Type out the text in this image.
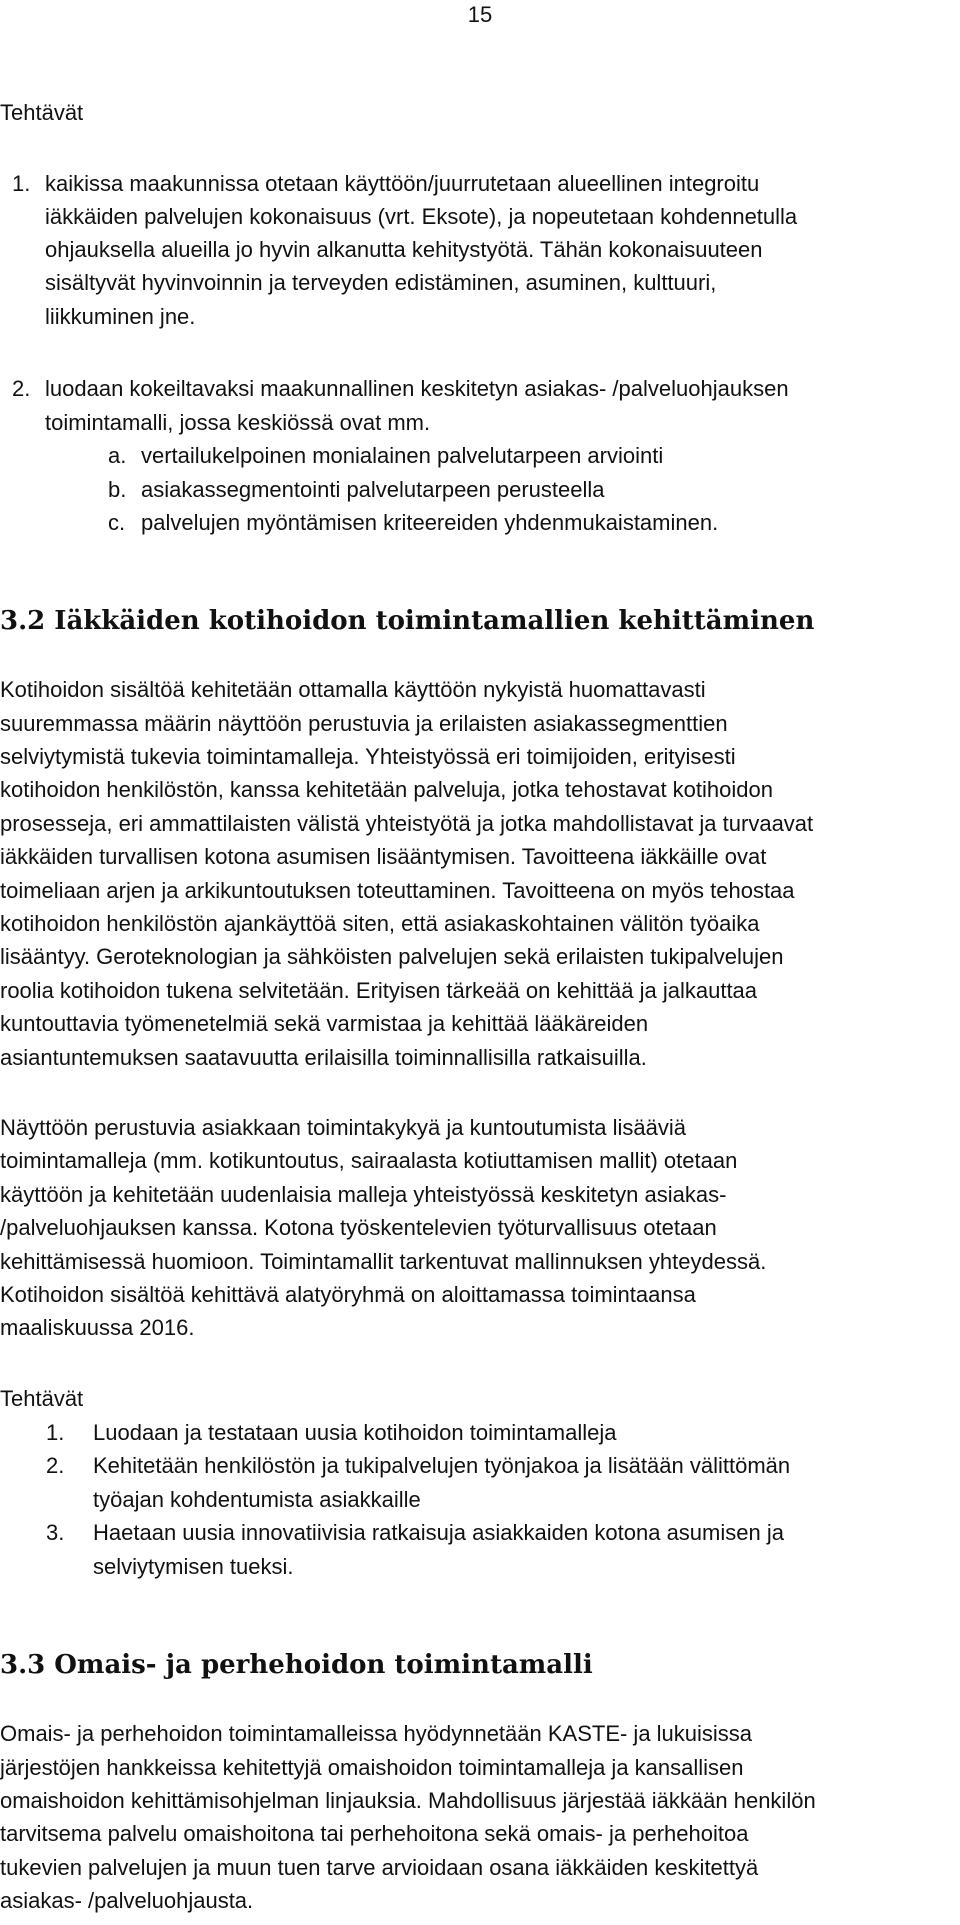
15
Tehtävät
1. kaikissa maakunnissa otetaan käyttöön/juurrutetaan alueellinen integroitu
iäkkäiden palvelujen kokonaisuus (vrt. Eksote), ja nopeutetaan kohdennetulla
ohjauksella alueilla jo hyvin alkanutta kehitystyötä. Tähän kokonaisuuteen
sisältyvät hyvinvoinnin ja terveyden edistäminen, asuminen, kulttuuri,
liikkuminen jne.
2. luodaan kokeiltavaksi maakunnallinen keskitetyn asiakas- /palveluohjauksen
toimintamalli, jossa keskiössä ovat mm.
a. vertailukelpoinen monialainen palvelutarpeen arviointi
b. asiakassegmentointi palvelutarpeen perusteella
c. palvelujen myöntämisen kriteereiden yhdenmukaistaminen.
3.2 Iäkkäiden kotihoidon toimintamallien kehittäminen
Kotihoidon sisältöä kehitetään ottamalla käyttöön nykyistä huomattavasti
suuremmassa määrin näyttöön perustuvia ja erilaisten asiakassegmenttien
selviytymistä tukevia toimintamalleja. Yhteistyössä eri toimijoiden, erityisesti
kotihoidon henkilöstön, kanssa kehitetään palveluja, jotka tehostavat kotihoidon
prosesseja, eri ammattilaisten välistä yhteistyötä ja jotka mahdollistavat ja turvaavat
iäkkäiden turvallisen kotona asumisen lisääntymisen. Tavoitteena iäkkäille ovat
toimeliaan arjen ja arkikuntoutuksen toteuttaminen. Tavoitteena on myös tehostaa
kotihoidon henkilöstön ajankäyttöä siten, että asiakaskohtainen välitön työaika
lisääntyy. Geroteknologian ja sähköisten palvelujen sekä erilaisten tukipalvelujen
roolia kotihoidon tukena selvitetään. Erityisen tärkeää on kehittää ja jalkauttaa
kuntouttavia työmenetelmiä sekä varmistaa ja kehittää lääkäreiden
asiantuntemuksen saatavuutta erilaisilla toiminnallisilla ratkaisuilla.
Näyttöön perustuvia asiakkaan toimintakykyä ja kuntoutumista lisääviä
toimintamalleja (mm. kotikuntoutus, sairaalasta kotiuttamisen mallit) otetaan
käyttöön ja kehitetään uudenlaisia malleja yhteistyössä keskitetyn asiakas-
/palveluohjauksen kanssa. Kotona työskentelevien työturvallisuus otetaan
kehittämisessä huomioon. Toimintamallit tarkentuvat mallinnuksen yhteydessä.
Kotihoidon sisältöä kehittävä alatyöryhmä on aloittamassa toimintaansa
maaliskuussa 2016.
Tehtävät
1. Luodaan ja testataan uusia kotihoidon toimintamalleja
2. Kehitetään henkilöstön ja tukipalvelujen työnjakoa ja lisätään välittömän
työajan kohdentumista asiakkaille
3. Haetaan uusia innovatiivisia ratkaisuja asiakkaiden kotona asumisen ja
selviytymisen tueksi.
3.3 Omais- ja perhehoidon toimintamalli
Omais- ja perhehoidon toimintamalleissa hyödynnetään KASTE- ja lukuisissa
järjestöjen hankkeissa kehitettyjä omaishoidon toimintamalleja ja kansallisen
omaishoidon kehittämisohjelman linjauksia. Mahdollisuus järjestää iäkkään henkilön
tarvitsema palvelu omaishoitona tai perhehoitona sekä omais- ja perhehoitoa
tukevien palvelujen ja muun tuen tarve arvioidaan osana iäkkäiden keskitettyä
asiakas- /palveluohjausta.
